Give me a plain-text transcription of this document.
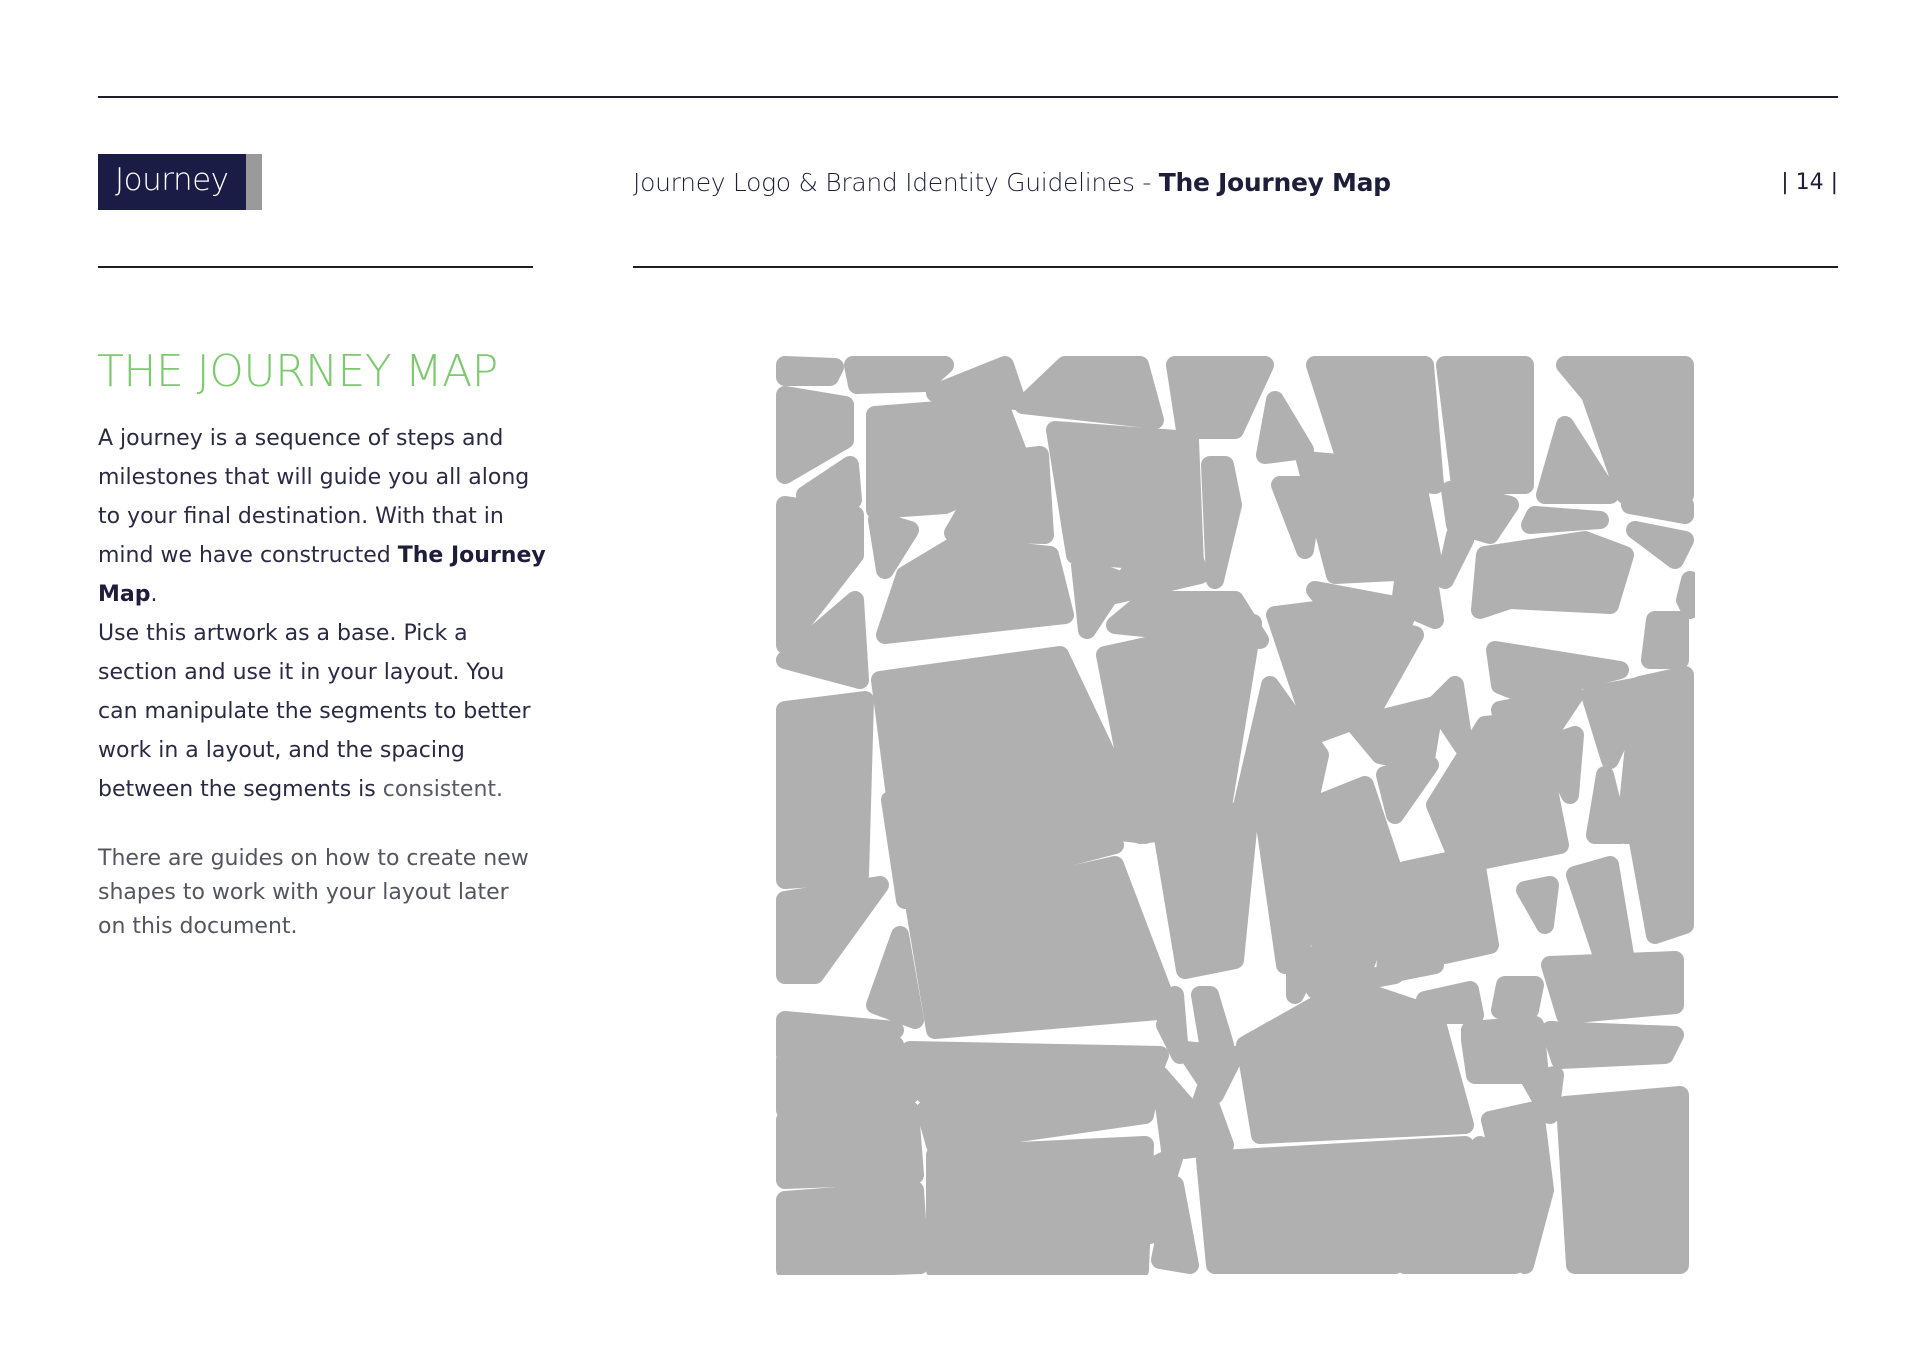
Journey	Journey Logo & Brand Identity Guidelines - The Journey Map	| 14 |
THE JOURNEY MAP
A journey is a sequence of steps and milestones that will guide you all along to your final destination. With that in mind we have constructed The Journey Map.
Use this artwork as a base. Pick a section and use it in your layout. You can manipulate the segments to better work in a layout, and the spacing between the segments is consistent.
There are guides on how to create new shapes to work with your layout later on this document.
